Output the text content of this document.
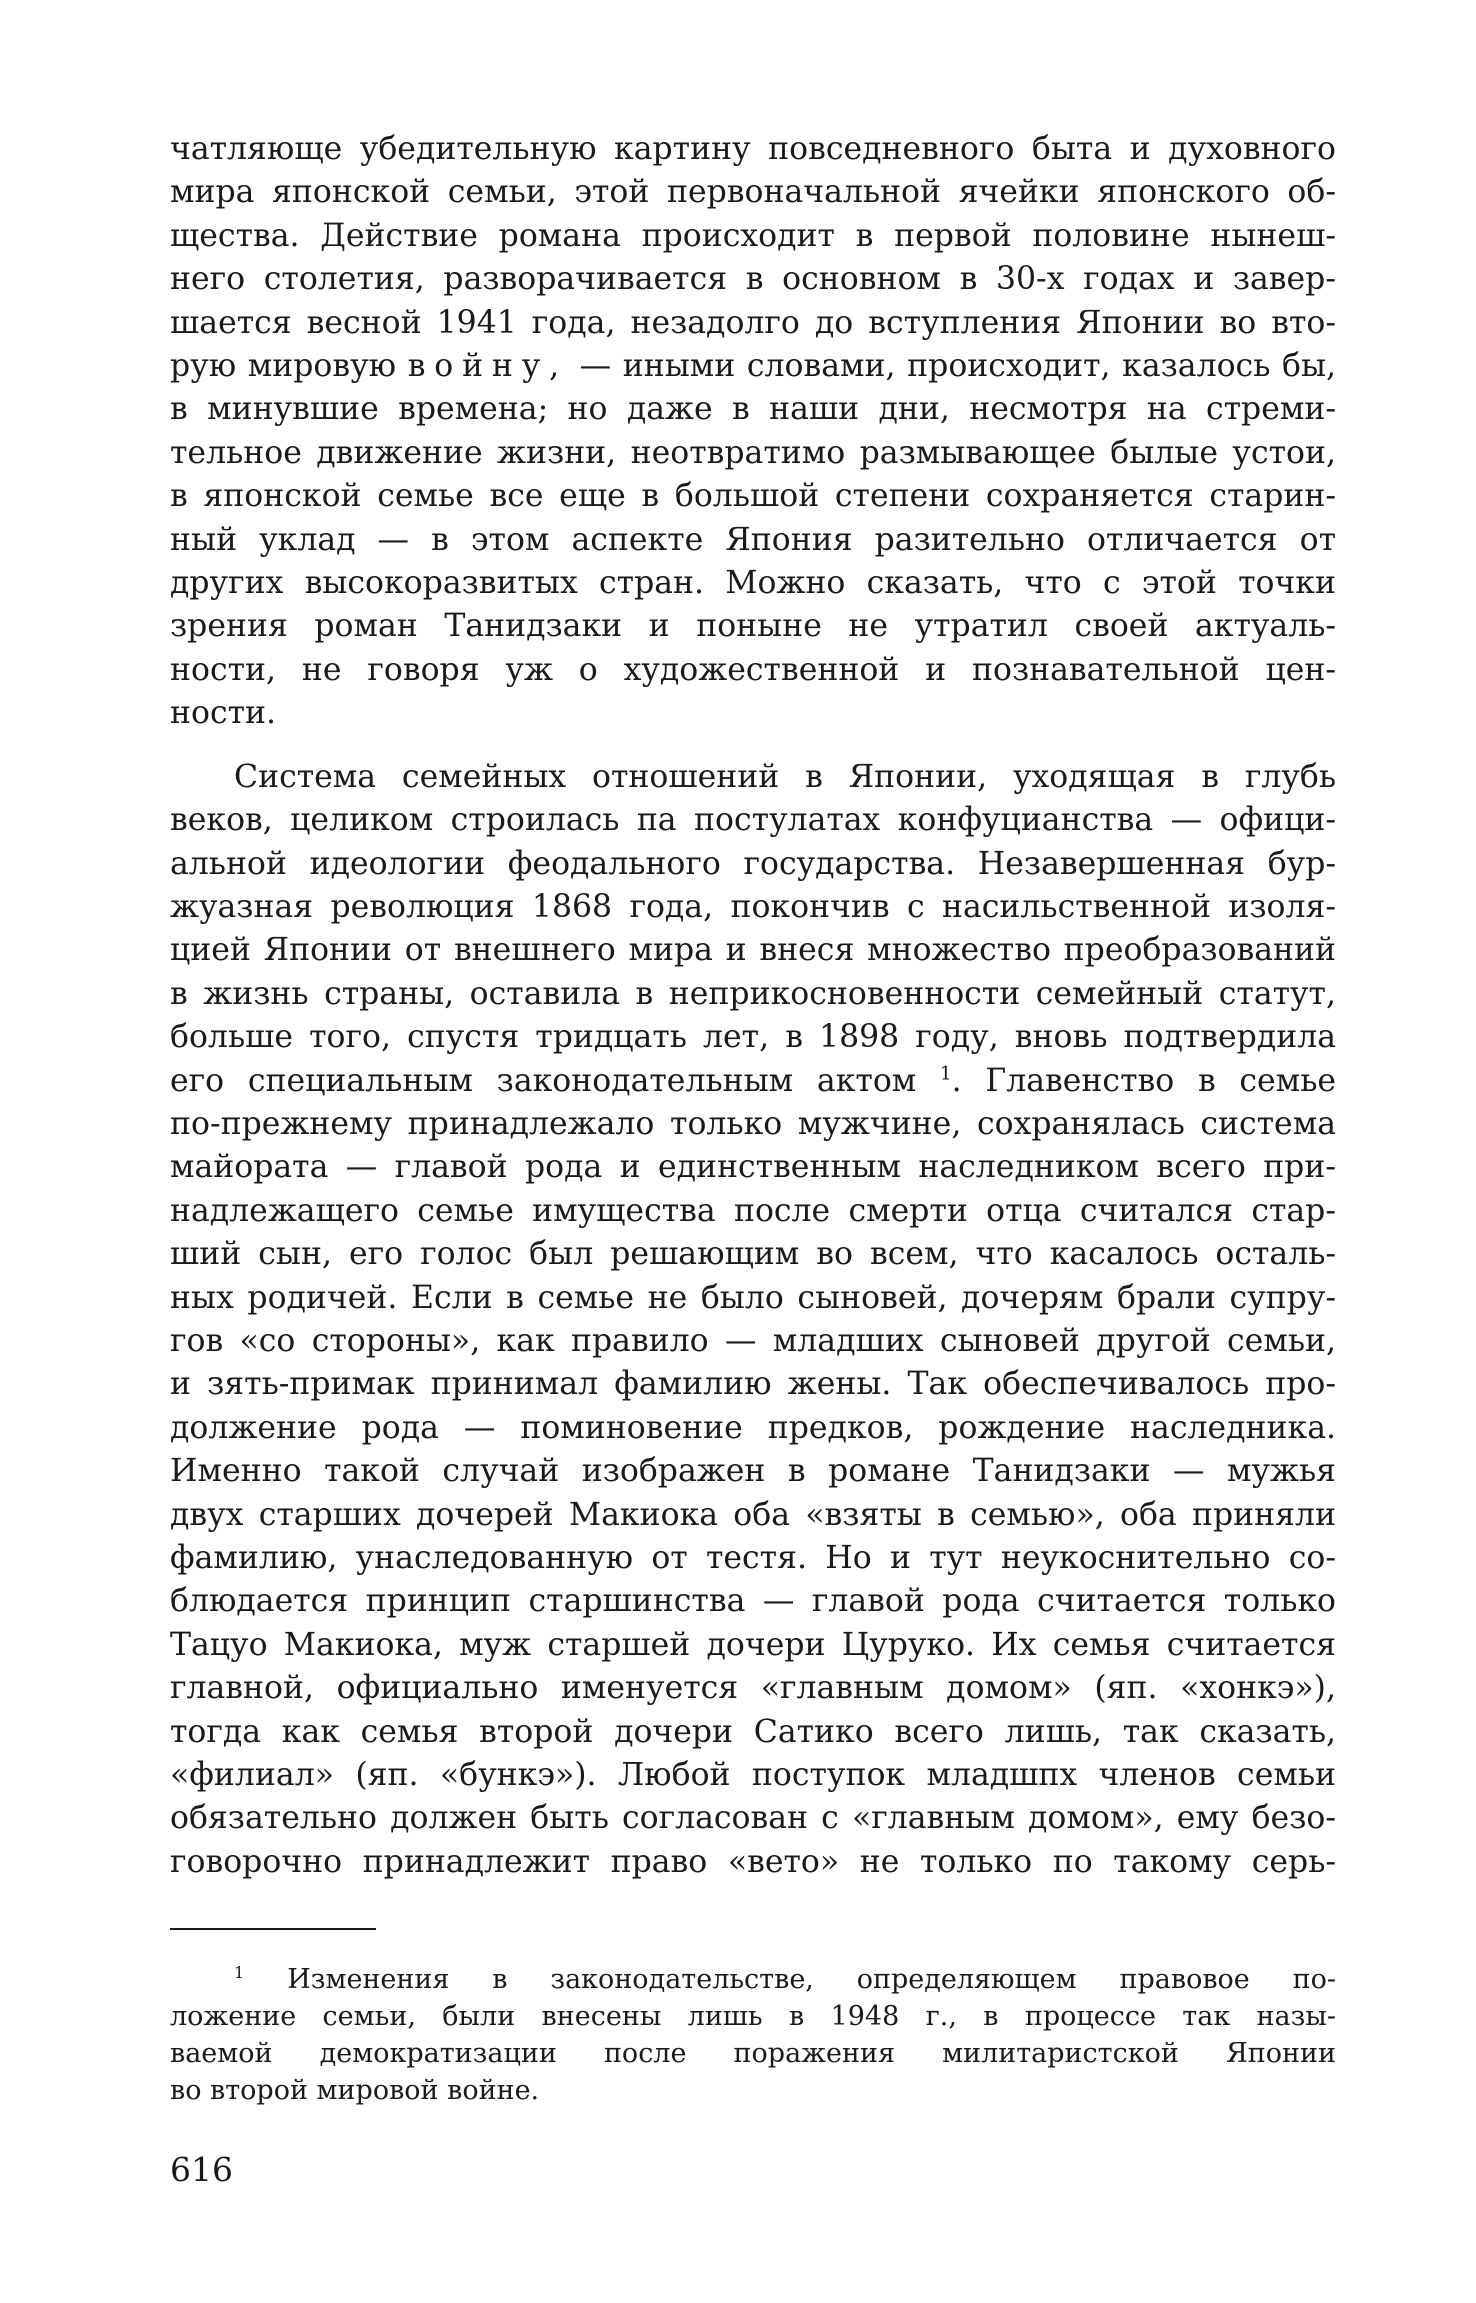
чатляюще убедительную картину повседневного быта и духовного

мира японской семьи, этой первоначальной ячейки японского об-

щества. Действие романа происходит в первой половине нынеш-

него столетия, разворачивается в основном в 30-х годах и завер-

шается весной 1941 года, незадолго до вступления Японии во вто-

рую мировую войну, — иными словами, происходит, казалось бы,

в минувшие времена; но даже в наши дни, несмотря на стреми-

тельное движение жизни, неотвратимо размывающее былые устои,

в японской семье все еще в большой степени сохраняется старин-

ный уклад — в этом аспекте Япония разительно отличается от

других высокоразвитых стран. Можно сказать, что с этой точки

зрения роман Танидзаки и поныне не утратил своей актуаль-

ности, не говоря уж о художественной и познавательной цен-

ности.

Система семейных отношений в Японии, уходящая в глубь

веков, целиком строилась па постулатах конфуцианства — офици-

альной идеологии феодального государства. Незавершенная бур-

жуазная революция 1868 года, покончив с насильственной изоля-

цией Японии от внешнего мира и внеся множество преобразований

в жизнь страны, оставила в неприкосновенности семейный статут,

больше того, спустя тридцать лет, в 1898 году, вновь подтвердила

его специальным законодательным актом $^1$. Главенство в семье

по-прежнему принадлежало только мужчине, сохранялась система

майората — главой рода и единственным наследником всего при-

надлежащего семье имущества после смерти отца считался стар-

ший сын, его голос был решающим во всем, что касалось осталь-

ных родичей. Если в семье не было сыновей, дочерям брали супру-

гов «со стороны», как правило — младших сыновей другой семьи,

и зять-примак принимал фамилию жены. Так обеспечивалось про-

должение рода — поминовение предков, рождение наследника.

Именно такой случай изображен в романе Танидзаки — мужья

двух старших дочерей Макиока оба «взяты в семью», оба приняли

фамилию, унаследованную от тестя. Но и тут неукоснительно со-

блюдается принцип старшинства — главой рода считается только

Тацуо Макиока, муж старшей дочери Цуруко. Их семья считается

главной, официально именуется «главным домом» (яп. «хонкэ»),

тогда как семья второй дочери Сатико всего лишь, так сказать,

«филиал» (яп. «бункэ»). Любой поступок младшпх членов семьи

обязательно должен быть согласован с «главным домом», ему безо-

говорочно принадлежит право «вето» не только по такому серь-

$^1$ Изменения в законодательстве, определяющем правовое по-

ложение семьи, были внесены лишь в 1948 г., в процессе так назы-

ваемой демократизации после поражения милитаристской Японии

во второй мировой войне.

616
